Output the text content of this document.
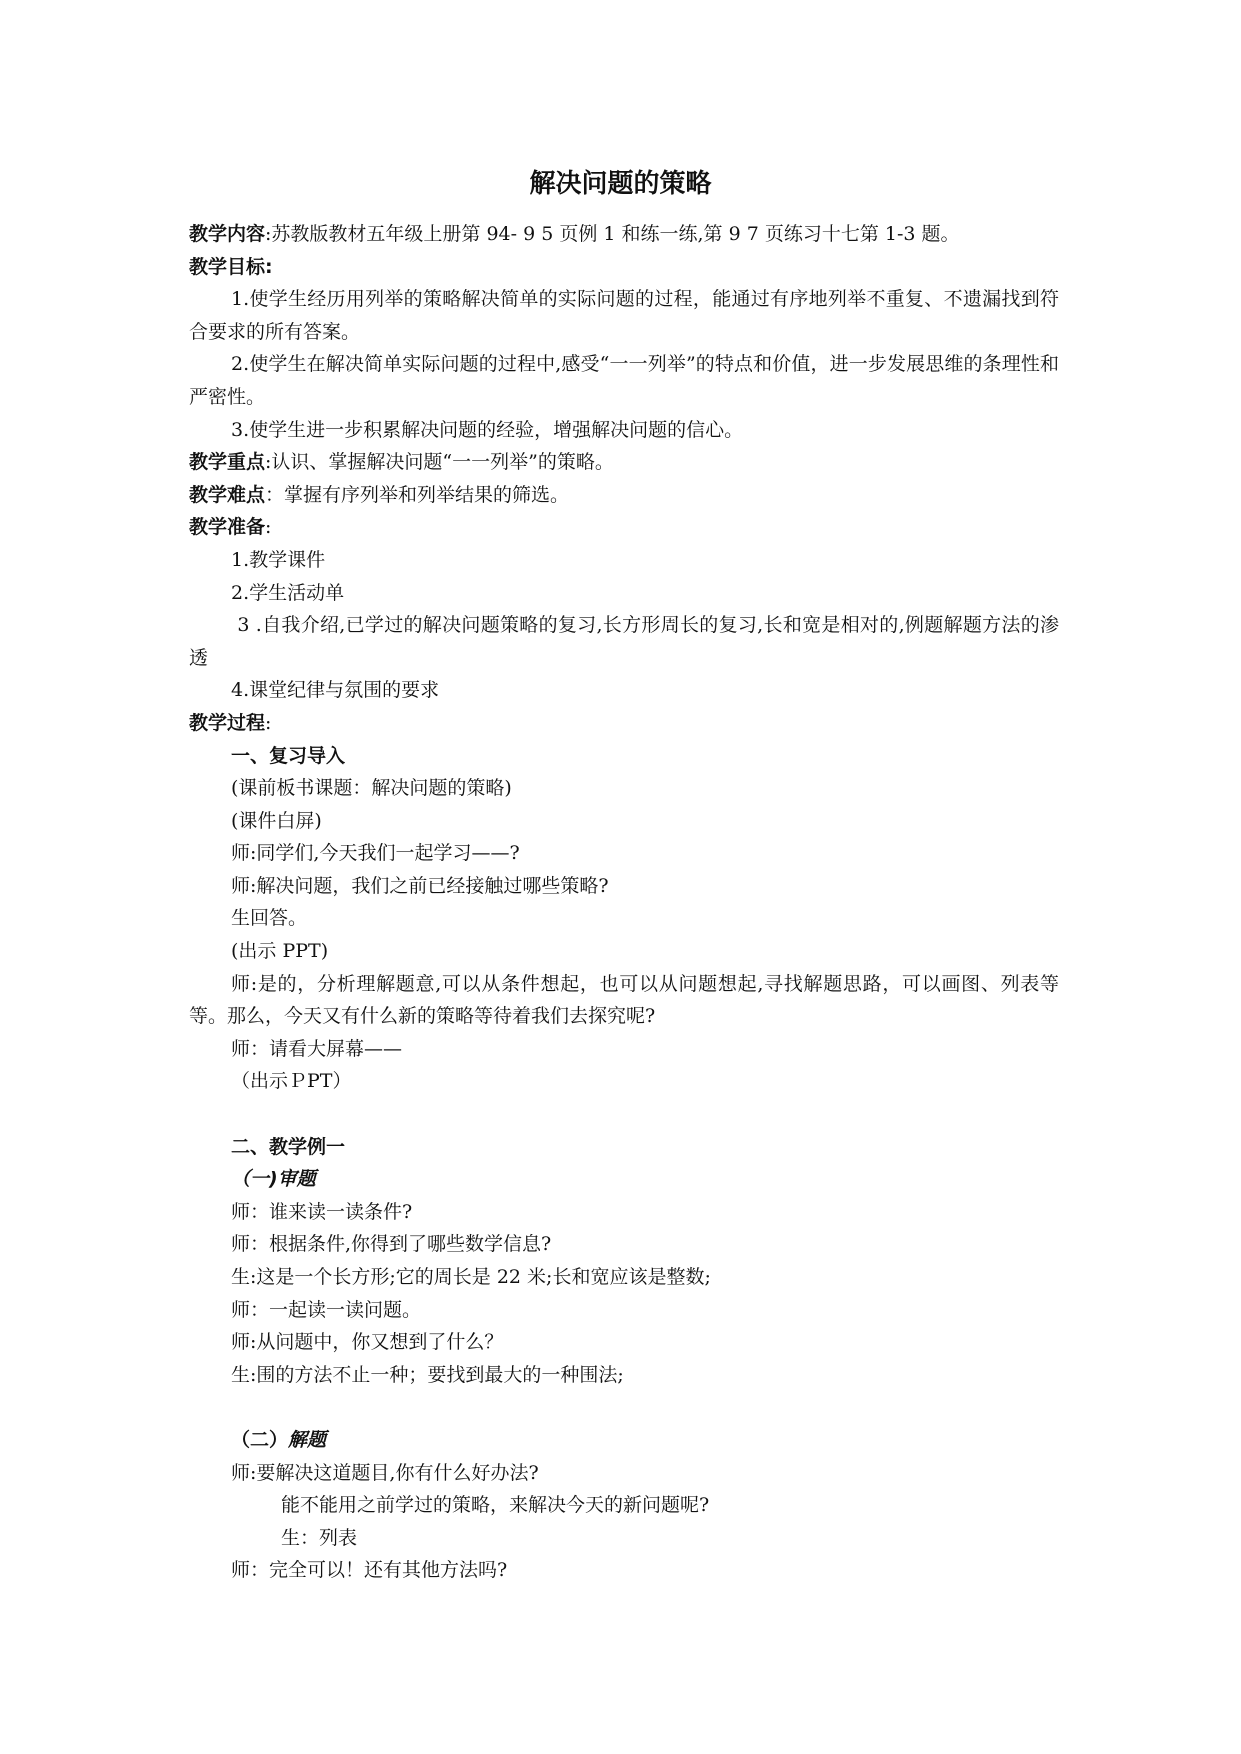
解决问题的策略
教学内容:苏教版教材五年级上册第 94- 9 5 页例 1 和练一练,第 9 7 页练习十七第 1-3 题。
教学目标:
1.使学生经历用列举的策略解决简单的实际问题的过程，能通过有序地列举不重复、不遗漏找到符合要求的所有答案。
2.使学生在解决简单实际问题的过程中,感受“一一列举”的特点和价值，进一步发展思维的条理性和严密性。
3.使学生进一步积累解决问题的经验，增强解决问题的信心。
教学重点:认识、掌握解决问题“一一列举”的策略。
教学难点：掌握有序列举和列举结果的筛选。
教学准备:
1.教学课件
2.学生活动单
3 .自我介绍,已学过的解决问题策略的复习,长方形周长的复习,长和宽是相对的,例题解题方法的渗透
4.课堂纪律与氛围的要求
教学过程:
一、复习导入
(课前板书课题：解决问题的策略)
(课件白屏)
师:同学们,今天我们一起学习——?
师:解决问题，我们之前已经接触过哪些策略?
生回答。
(出示 PPT)
师:是的，分析理解题意,可以从条件想起，也可以从问题想起,寻找解题思路，可以画图、列表等等。那么，今天又有什么新的策略等待着我们去探究呢?
师：请看大屏幕——
（出示ＰPT）
二、教学例一
（一)审题
师：谁来读一读条件?
师：根据条件,你得到了哪些数学信息?
生:这是一个长方形;它的周长是 22 米;长和宽应该是整数;
师：一起读一读问题。
师:从问题中，你又想到了什么？
生:围的方法不止一种；要找到最大的一种围法;
（二）解题
师:要解决这道题目,你有什么好办法?
能不能用之前学过的策略，来解决今天的新问题呢?
生：列表
师：完全可以！还有其他方法吗?
